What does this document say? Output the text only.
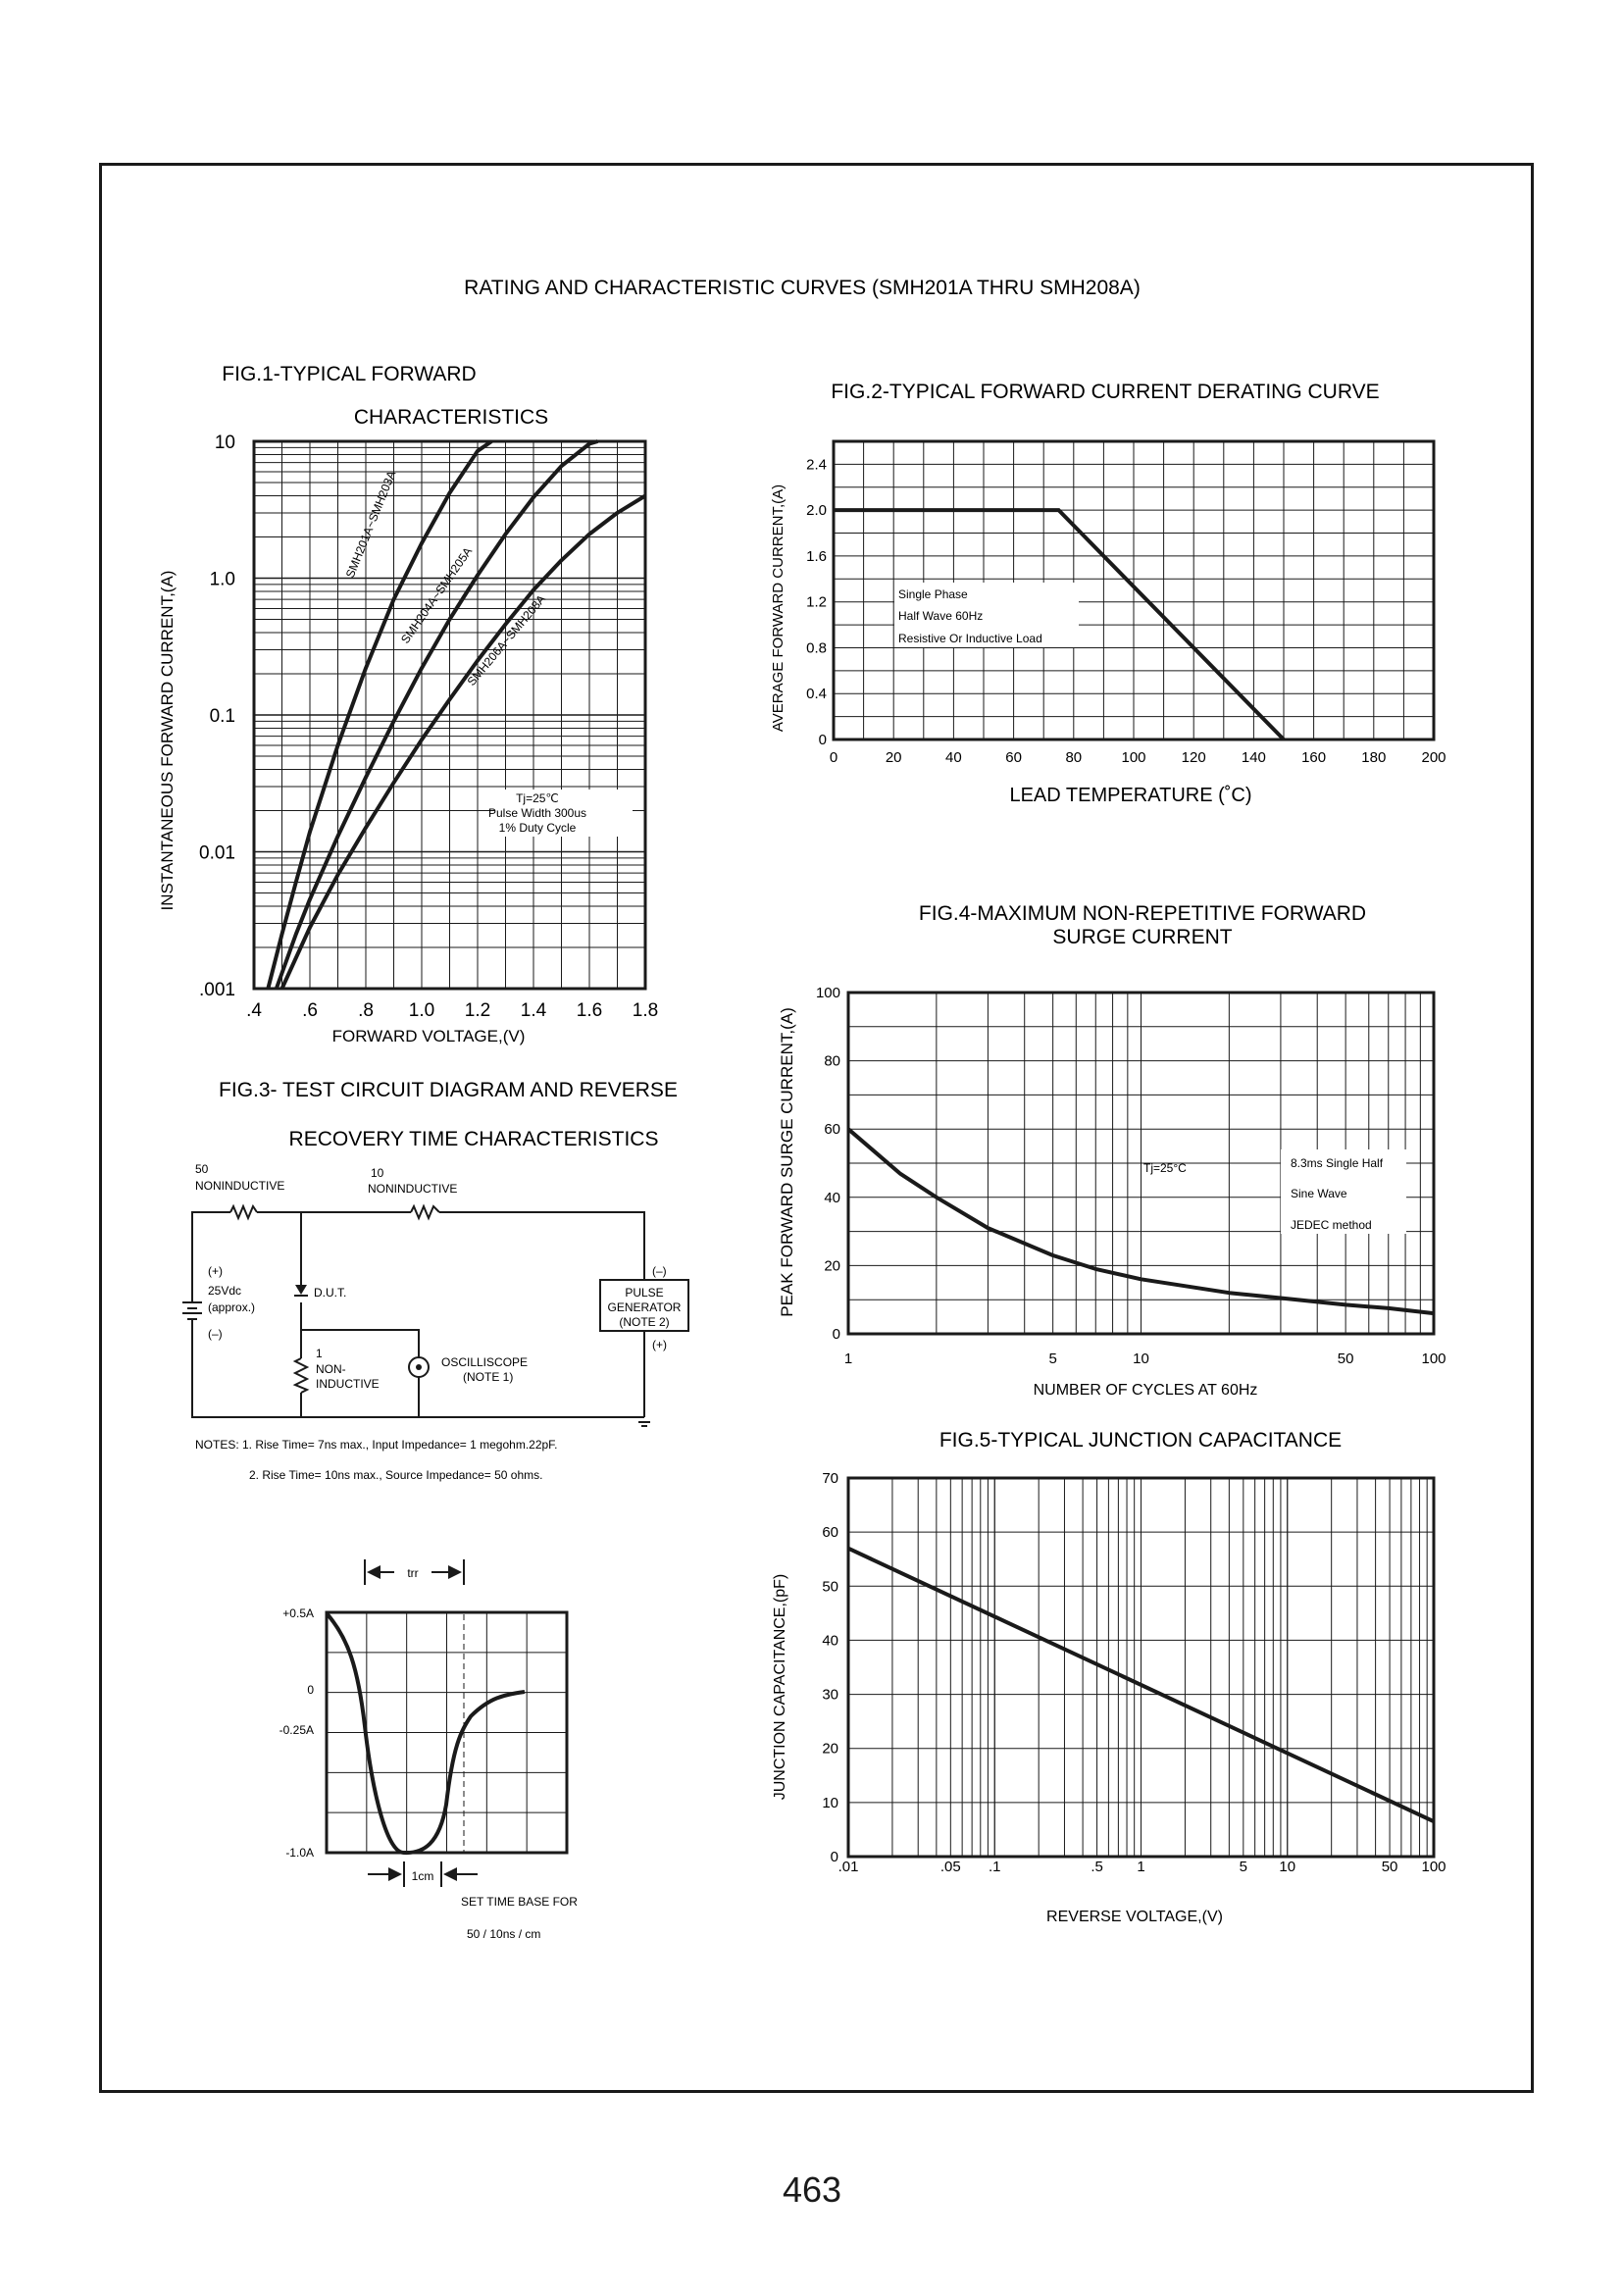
RATING AND CHARACTERISTIC CURVES (SMH201A THRU SMH208A)
FIG.1-TYPICAL FORWARD
CHARACTERISTICS
.4 .6 .8 1.0 1.2 1.4 1.6 1.8
10
1.0
0.1
0.01
.001
FORWARD VOLTAGE,(V)
INSTANTANEOUS FORWARD CURRENT,(A)
SMH201A~SMH203A
SMH204A~SMH205A
SMH206A~SMH208A
Tj=25℃
Pulse Width 300us
1% Duty Cycle
FIG.2-TYPICAL FORWARD CURRENT DERATING CURVE
0	20	40	60	80	100 120 140 160 180 200
0
0.4
0.8
1.2
1.6
2.0
2.4
LEAD TEMPERATURE (˚C)
AVERAGE FORWARD CURRENT,(A)	Single Phase
Half Wave 60Hz
Resistive Or Inductive Load
FIG.4-MAXIMUM NON-REPETITIVE FORWARD
SURGE CURRENT
1	5	10	50	100
0
20
40
60
80
100
NUMBER OF CYCLES AT 60Hz
PEAK FORWARD SURGE CURRENT,(A)	Tj=25°C	8.3ms Single Half
Sine Wave
JEDEC method
FIG.5-TYPICAL JUNCTION CAPACITANCE
.01	.05 .1	.5 1	5 10	50 100
0
10
20
30
40
50
60
70
REVERSE VOLTAGE,(V)
JUNCTION CAPACITANCE,(pF)
FIG.3- TEST CIRCUIT DIAGRAM AND REVERSE
RECOVERY TIME CHARACTERISTICS
50
NONINDUCTIVE
10
NONINDUCTIVE
(+)
25Vdc
(approx.)
(–)
D.U.T.
1
NON-
INDUCTIVE
OSCILLISCOPE
(NOTE 1)
(–)
PULSE
GENERATOR
(NOTE 2)
(+)
NOTES: 1. Rise Time= 7ns max., Input Impedance= 1 megohm.22pF.
2. Rise Time= 10ns max., Source Impedance= 50 ohms.
trr
1cm
+0.5A
0
-0.25A
-1.0A
SET TIME BASE FOR
50 / 10ns / cm
463
